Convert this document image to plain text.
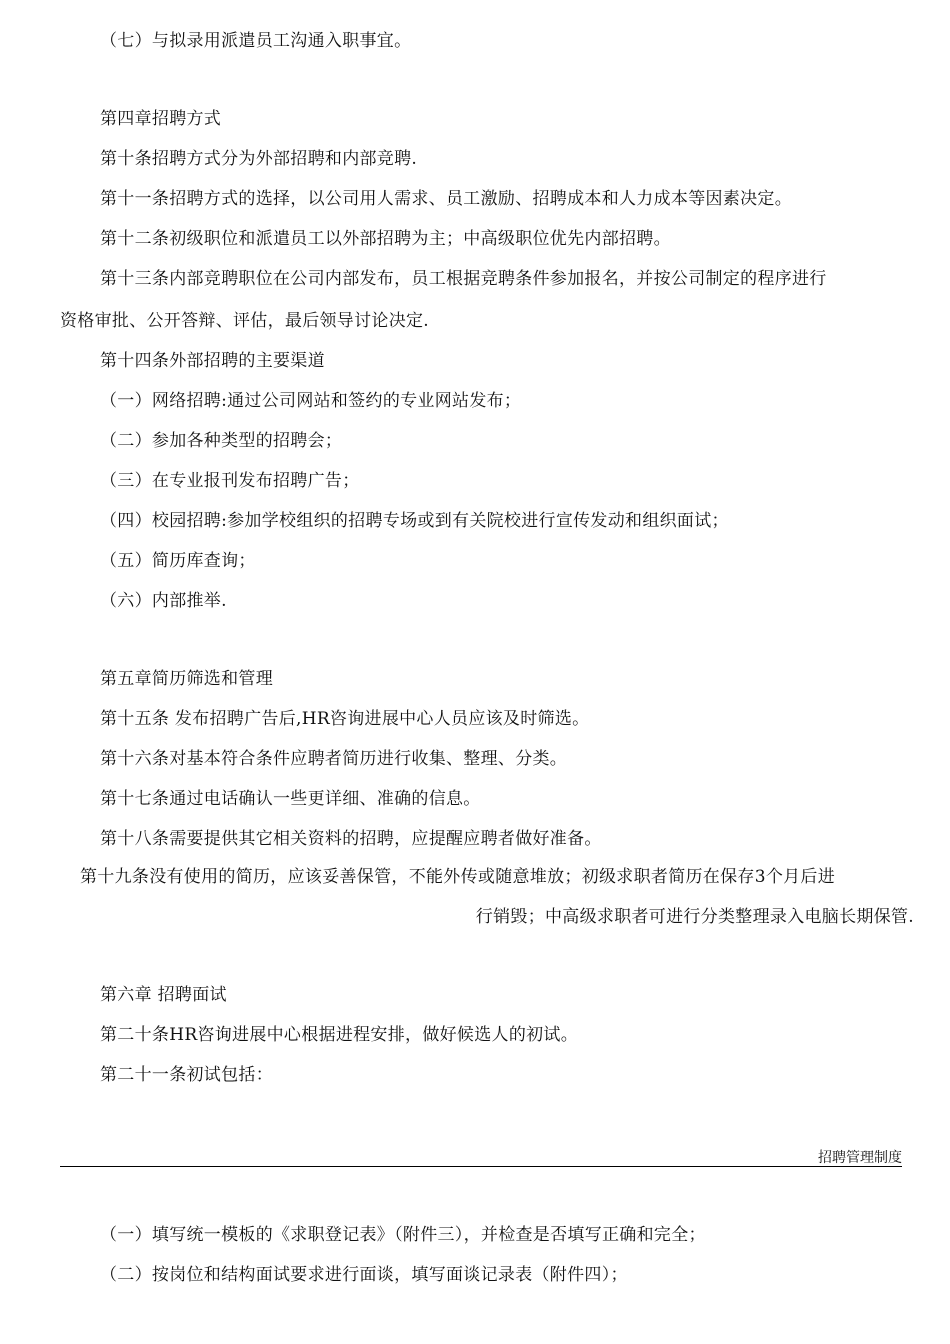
（七）与拟录用派遣员工沟通入职事宜。
第四章招聘方式
第十条招聘方式分为外部招聘和内部竞聘.
第十一条招聘方式的选择，以公司用人需求、员工激励、招聘成本和人力成本等因素决定。
第十二条初级职位和派遣员工以外部招聘为主；中高级职位优先内部招聘。
第十三条内部竞聘职位在公司内部发布，员工根据竞聘条件参加报名，并按公司制定的程序进行
资格审批、公开答辩、评估，最后领导讨论决定.
第十四条外部招聘的主要渠道
（一）网络招聘:通过公司网站和签约的专业网站发布；
（二）参加各种类型的招聘会；
（三）在专业报刊发布招聘广告；
（四）校园招聘:参加学校组织的招聘专场或到有关院校进行宣传发动和组织面试；
（五）简历库查询；
（六）内部推举.
第五章简历筛选和管理
第十五条 发布招聘广告后,HR咨询进展中心人员应该及时筛选。
第十六条对基本符合条件应聘者简历进行收集、整理、分类。
第十七条通过电话确认一些更详细、准确的信息。
第十八条需要提供其它相关资料的招聘，应提醒应聘者做好准备。
第十九条没有使用的简历，应该妥善保管，不能外传或随意堆放；初级求职者简历在保存3个月后进
行销毁；中高级求职者可进行分类整理录入电脑长期保管.
第六章 招聘面试
第二十条HR咨询进展中心根据进程安排，做好候选人的初试。
第二十一条初试包括：
招聘管理制度
（一）填写统一模板的《求职登记表》（附件三），并检查是否填写正确和完全；
（二）按岗位和结构面试要求进行面谈，填写面谈记录表（附件四）；
